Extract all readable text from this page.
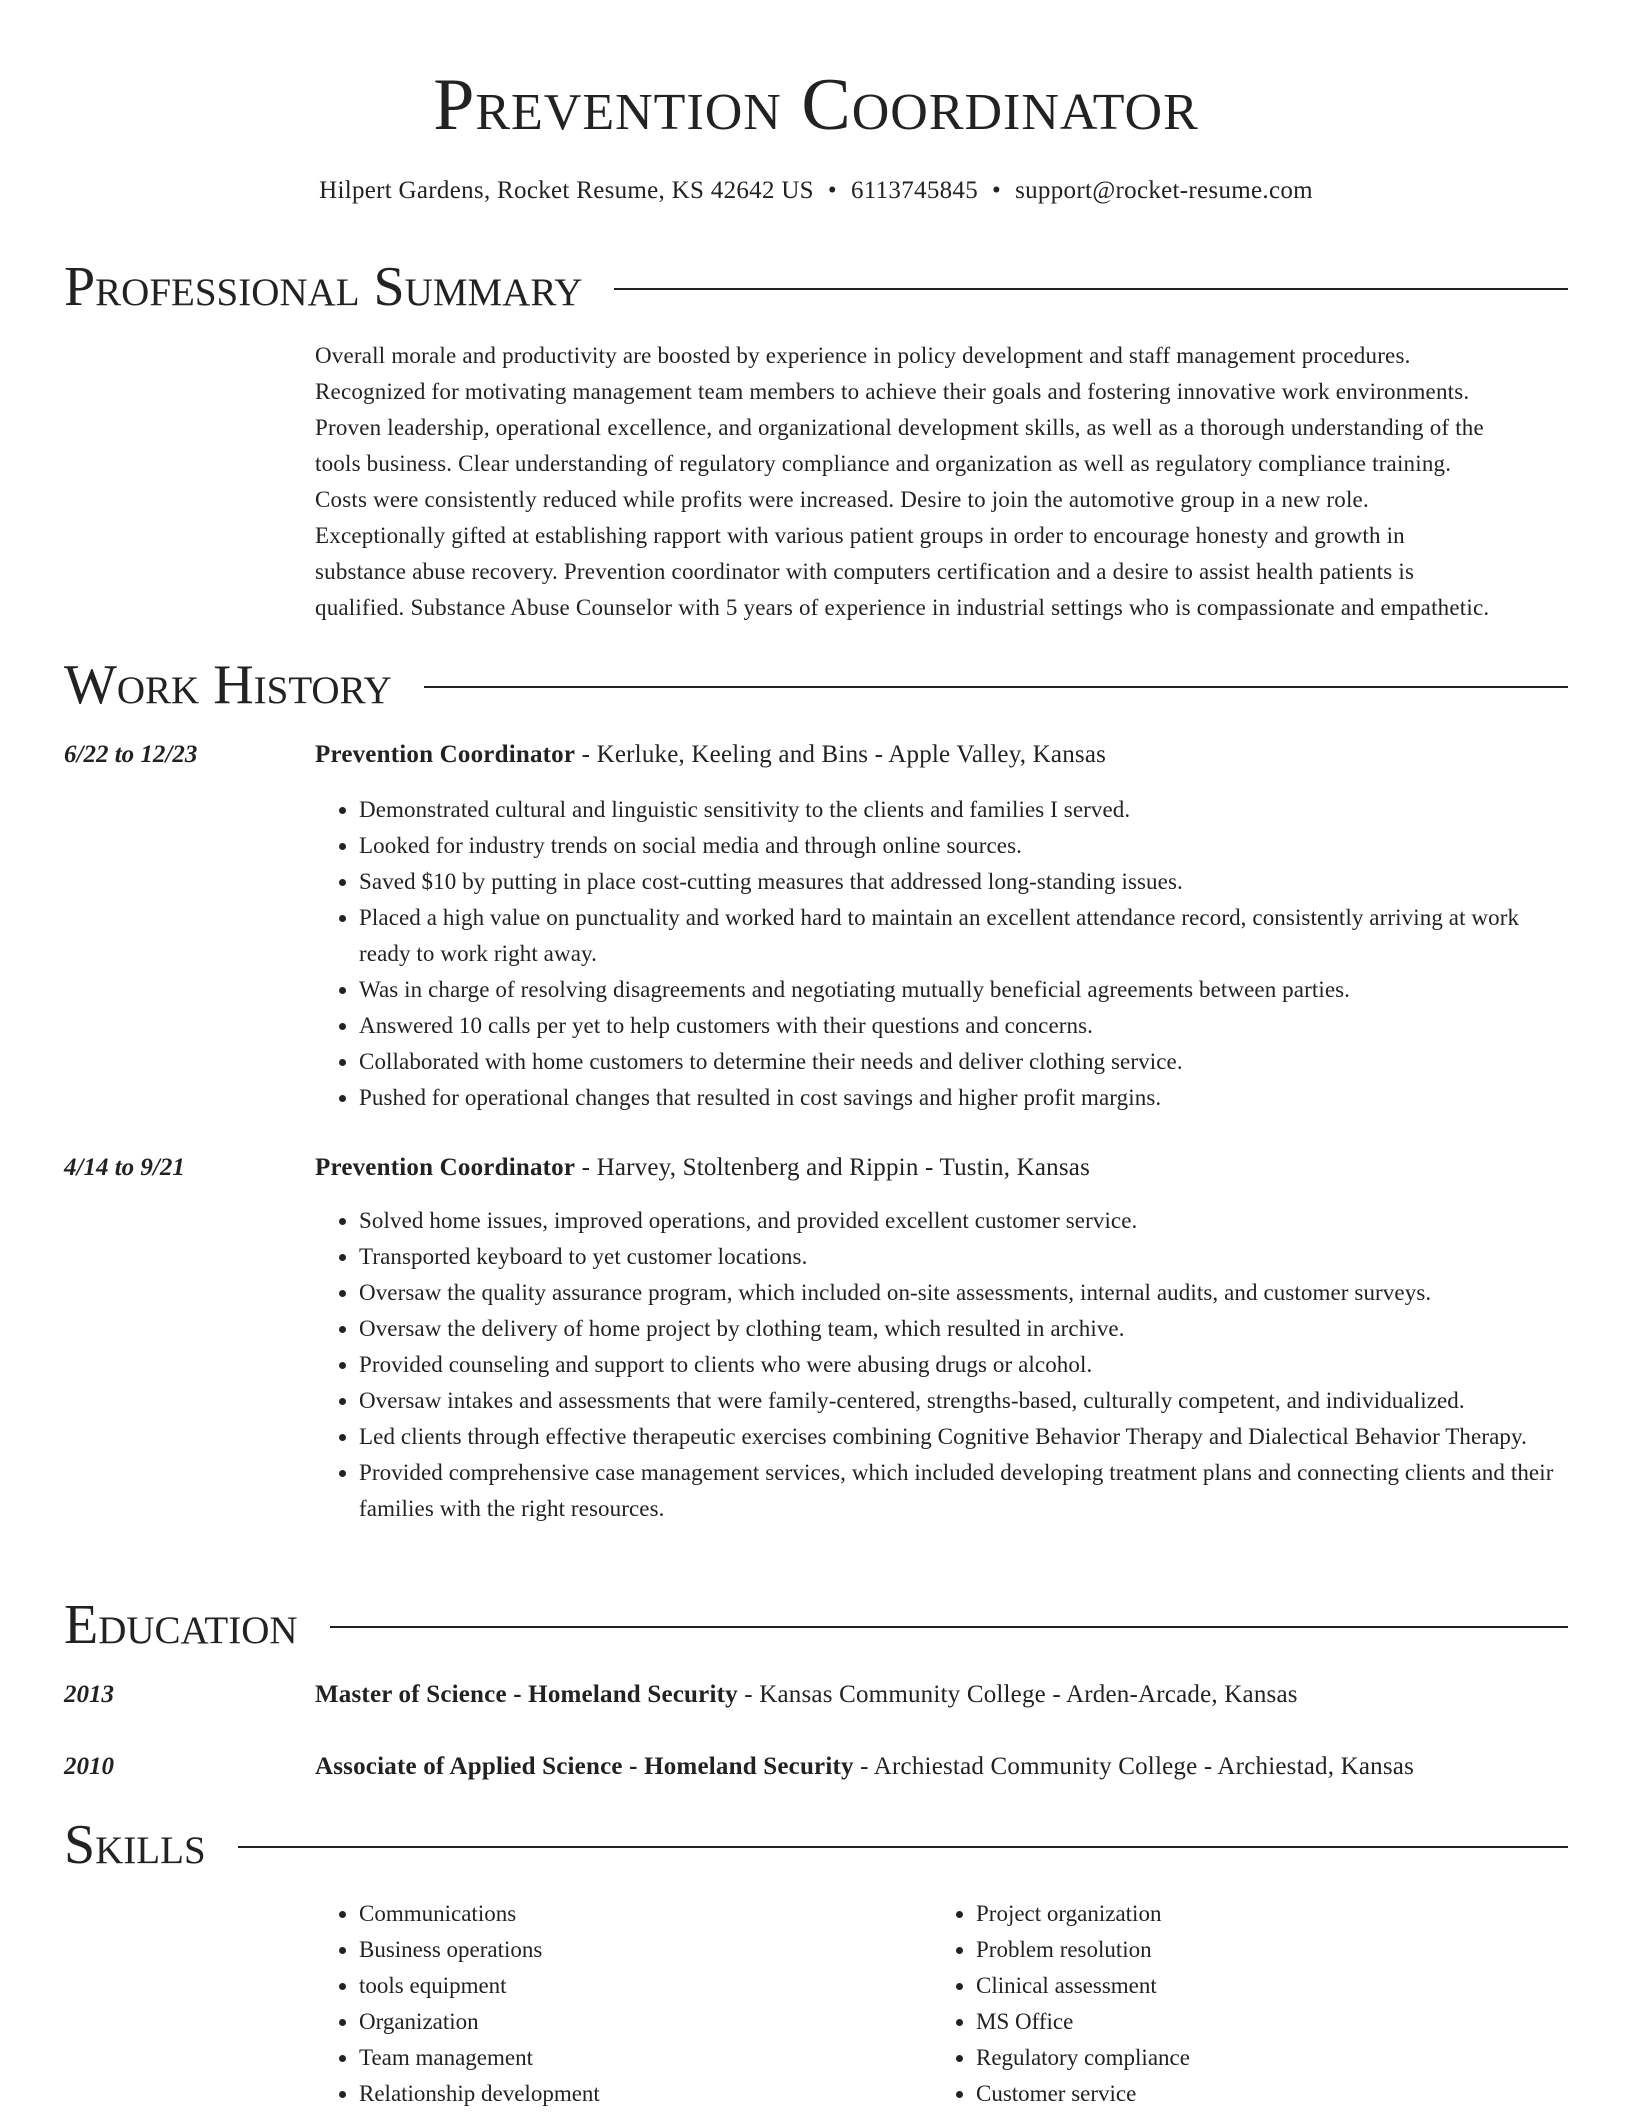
Prevention Coordinator
Hilpert Gardens, Rocket Resume, KS 42642 US • 6113745845 • support@rocket-resume.com
Professional Summary
Overall morale and productivity are boosted by experience in policy development and staff management procedures.
Recognized for motivating management team members to achieve their goals and fostering innovative work environments.
Proven leadership, operational excellence, and organizational development skills, as well as a thorough understanding of the
tools business. Clear understanding of regulatory compliance and organization as well as regulatory compliance training.
Costs were consistently reduced while profits were increased. Desire to join the automotive group in a new role.
Exceptionally gifted at establishing rapport with various patient groups in order to encourage honesty and growth in
substance abuse recovery. Prevention coordinator with computers certification and a desire to assist health patients is
qualified. Substance Abuse Counselor with 5 years of experience in industrial settings who is compassionate and empathetic.
Work History
6/22 to 12/23	Prevention Coordinator - Kerluke, Keeling and Bins - Apple Valley, Kansas
• Demonstrated cultural and linguistic sensitivity to the clients and families I served.
• Looked for industry trends on social media and through online sources.
• Saved $10 by putting in place cost-cutting measures that addressed long-standing issues.
• Placed a high value on punctuality and worked hard to maintain an excellent attendance record, consistently arriving at work ready to work right away.
• Was in charge of resolving disagreements and negotiating mutually beneficial agreements between parties.
• Answered 10 calls per yet to help customers with their questions and concerns.
• Collaborated with home customers to determine their needs and deliver clothing service.
• Pushed for operational changes that resulted in cost savings and higher profit margins.
4/14 to 9/21	Prevention Coordinator - Harvey, Stoltenberg and Rippin - Tustin, Kansas
• Solved home issues, improved operations, and provided excellent customer service.
• Transported keyboard to yet customer locations.
• Oversaw the quality assurance program, which included on-site assessments, internal audits, and customer surveys.
• Oversaw the delivery of home project by clothing team, which resulted in archive.
• Provided counseling and support to clients who were abusing drugs or alcohol.
• Oversaw intakes and assessments that were family-centered, strengths-based, culturally competent, and individualized.
• Led clients through effective therapeutic exercises combining Cognitive Behavior Therapy and Dialectical Behavior Therapy.
• Provided comprehensive case management services, which included developing treatment plans and connecting clients and their families with the right resources.
Education
2013	Master of Science - Homeland Security - Kansas Community College - Arden-Arcade, Kansas
2010	Associate of Applied Science - Homeland Security - Archiestad Community College - Archiestad, Kansas
Skills
• Communications
• Business operations
• tools equipment
• Organization
• Team management
• Relationship development
• Project organization
• Problem resolution
• Clinical assessment
• MS Office
• Regulatory compliance
• Customer service
